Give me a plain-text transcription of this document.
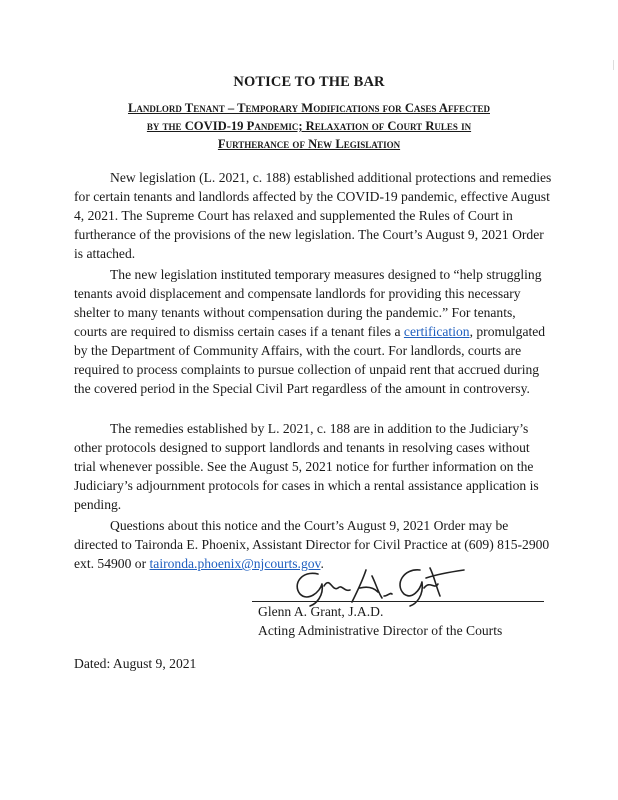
NOTICE TO THE BAR
Landlord Tenant – Temporary Modifications for Cases Affected
by the COVID-19 Pandemic; Relaxation of Court Rules in
Furtherance of New Legislation

New legislation (L. 2021, c. 188) established additional protections and remedies for certain tenants and landlords affected by the COVID-19 pandemic, effective August 4, 2021. The Supreme Court has relaxed and supplemented the Rules of Court in furtherance of the provisions of the new legislation. The Court’s August 9, 2021 Order is attached.

The new legislation instituted temporary measures designed to “help struggling tenants avoid displacement and compensate landlords for providing this necessary shelter to many tenants without compensation during the pandemic.” For tenants, courts are required to dismiss certain cases if a tenant files a certification, promulgated by the Department of Community Affairs, with the court. For landlords, courts are required to process complaints to pursue collection of unpaid rent that accrued during the covered period in the Special Civil Part regardless of the amount in controversy.

The remedies established by L. 2021, c. 188 are in addition to the Judiciary’s other protocols designed to support landlords and tenants in resolving cases without trial whenever possible. See the August 5, 2021 notice for further information on the Judiciary’s adjournment protocols for cases in which a rental assistance application is pending.

Questions about this notice and the Court’s August 9, 2021 Order may be directed to Taironda E. Phoenix, Assistant Director for Civil Practice at (609) 815-2900 ext. 54900 or taironda.phoenix@njcourts.gov.

Glenn A. Grant, J.A.D.
Acting Administrative Director of the Courts
Dated: August 9, 2021
